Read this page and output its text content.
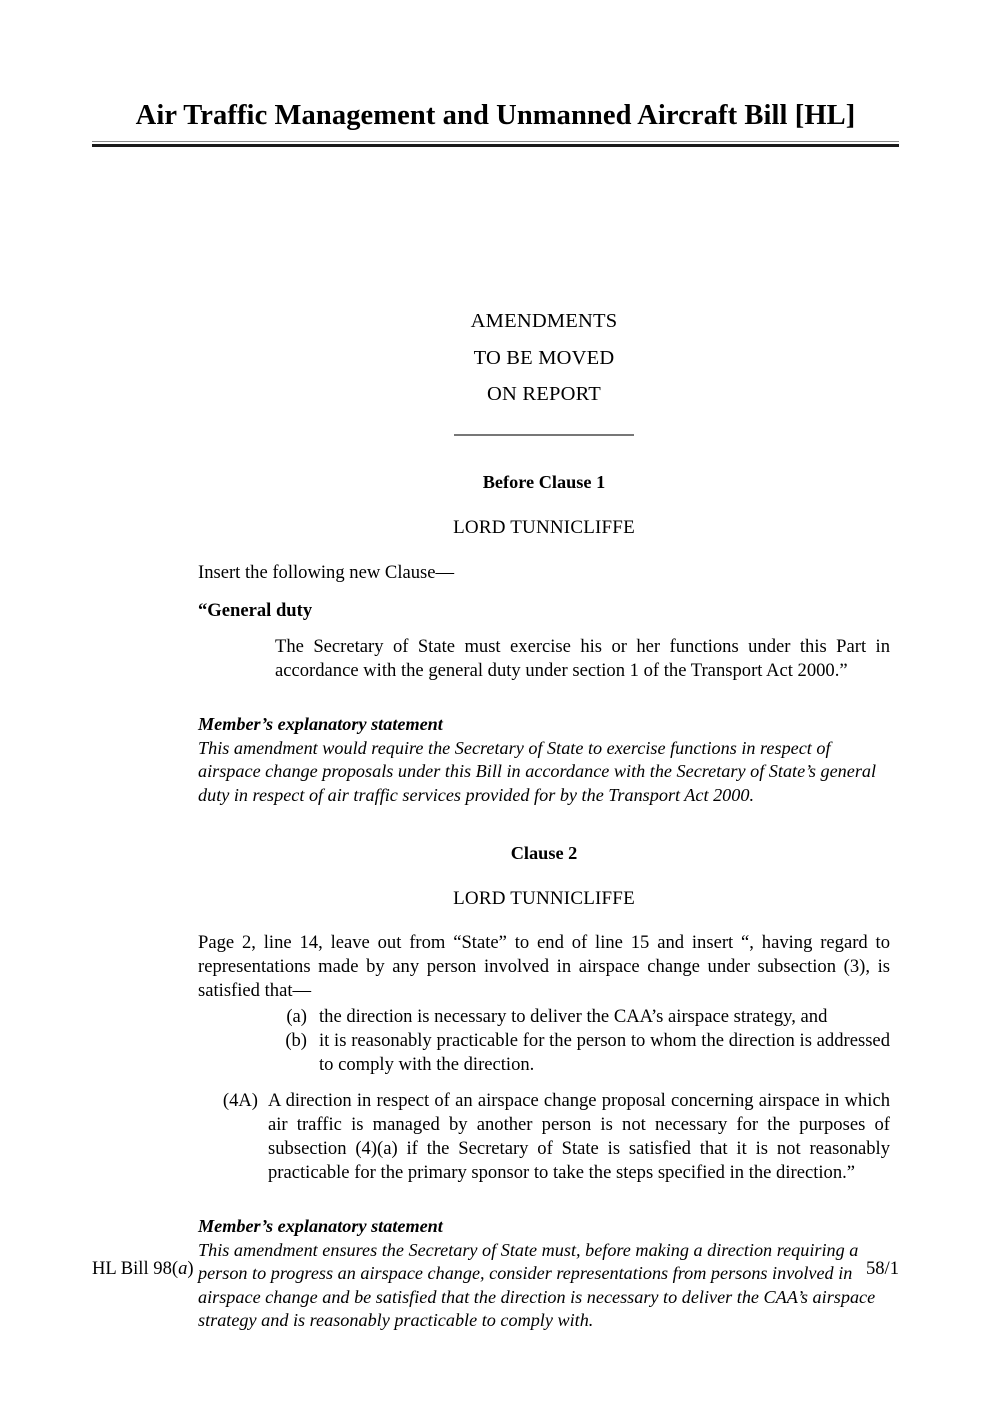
Air Traffic Management and Unmanned Aircraft Bill [HL]
AMENDMENTS
TO BE MOVED
ON REPORT
Before Clause 1
LORD TUNNICLIFFE
Insert the following new Clause—
“General duty
The Secretary of State must exercise his or her functions under this Part in accordance with the general duty under section 1 of the Transport Act 2000.”
Member’s explanatory statement
This amendment would require the Secretary of State to exercise functions in respect of airspace change proposals under this Bill in accordance with the Secretary of State’s general duty in respect of air traffic services provided for by the Transport Act 2000.
Clause 2
LORD TUNNICLIFFE
Page 2, line 14, leave out from “State” to end of line 15 and insert “, having regard to representations made by any person involved in airspace change under subsection (3), is satisfied that—
(a) the direction is necessary to deliver the CAA’s airspace strategy, and
(b) it is reasonably practicable for the person to whom the direction is addressed to comply with the direction.
(4A) A direction in respect of an airspace change proposal concerning airspace in which air traffic is managed by another person is not necessary for the purposes of subsection (4)(a) if the Secretary of State is satisfied that it is not reasonably practicable for the primary sponsor to take the steps specified in the direction.”
Member’s explanatory statement
This amendment ensures the Secretary of State must, before making a direction requiring a person to progress an airspace change, consider representations from persons involved in airspace change and be satisfied that the direction is necessary to deliver the CAA’s airspace strategy and is reasonably practicable to comply with.
HL Bill 98(a)	58/1
